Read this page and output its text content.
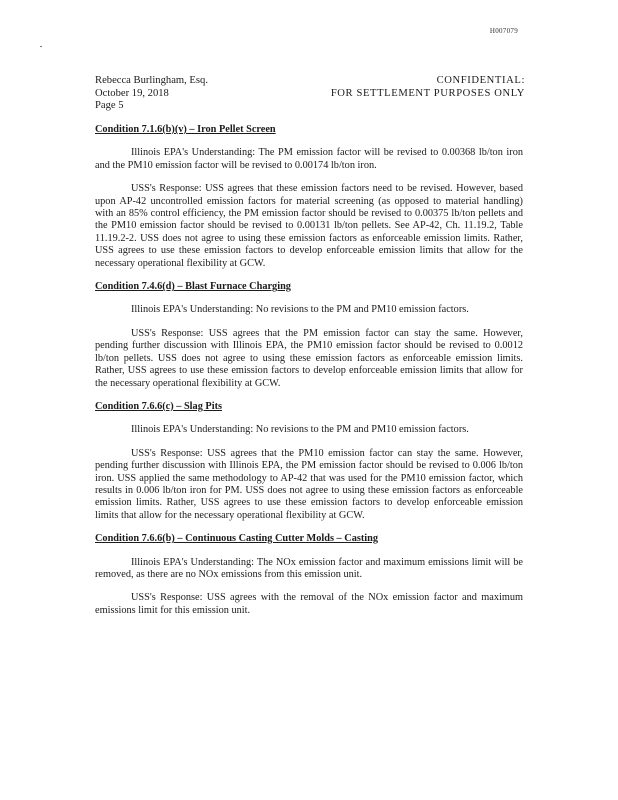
H007079
Rebecca Burlingham, Esq.
October 19, 2018
Page 5
CONFIDENTIAL:
FOR SETTLEMENT PURPOSES ONLY
Condition 7.1.6(b)(v) – Iron Pellet Screen
Illinois EPA's Understanding: The PM emission factor will be revised to 0.00368 lb/ton iron and the PM10 emission factor will be revised to 0.00174 lb/ton iron.
USS's Response: USS agrees that these emission factors need to be revised. However, based upon AP-42 uncontrolled emission factors for material screening (as opposed to material handling) with an 85% control efficiency, the PM emission factor should be revised to 0.00375 lb/ton pellets and the PM10 emission factor should be revised to 0.00131 lb/ton pellets. See AP-42, Ch. 11.19.2, Table 11.19.2-2. USS does not agree to using these emission factors as enforceable emission limits. Rather, USS agrees to use these emission factors to develop enforceable emission limits that allow for the necessary operational flexibility at GCW.
Condition 7.4.6(d) – Blast Furnace Charging
Illinois EPA's Understanding: No revisions to the PM and PM10 emission factors.
USS's Response: USS agrees that the PM emission factor can stay the same. However, pending further discussion with Illinois EPA, the PM10 emission factor should be revised to 0.0012 lb/ton pellets. USS does not agree to using these emission factors as enforceable emission limits. Rather, USS agrees to use these emission factors to develop enforceable emission limits that allow for the necessary operational flexibility at GCW.
Condition 7.6.6(c) – Slag Pits
Illinois EPA's Understanding: No revisions to the PM and PM10 emission factors.
USS's Response: USS agrees that the PM10 emission factor can stay the same. However, pending further discussion with Illinois EPA, the PM emission factor should be revised to 0.006 lb/ton iron. USS applied the same methodology to AP-42 that was used for the PM10 emission factor, which results in 0.006 lb/ton iron for PM. USS does not agree to using these emission factors as enforceable emission limits. Rather, USS agrees to use these emission factors to develop enforceable emission limits that allow for the necessary operational flexibility at GCW.
Condition 7.6.6(b) – Continuous Casting Cutter Molds – Casting
Illinois EPA's Understanding: The NOx emission factor and maximum emissions limit will be removed, as there are no NOx emissions from this emission unit.
USS's Response: USS agrees with the removal of the NOx emission factor and maximum emissions limit for this emission unit.
